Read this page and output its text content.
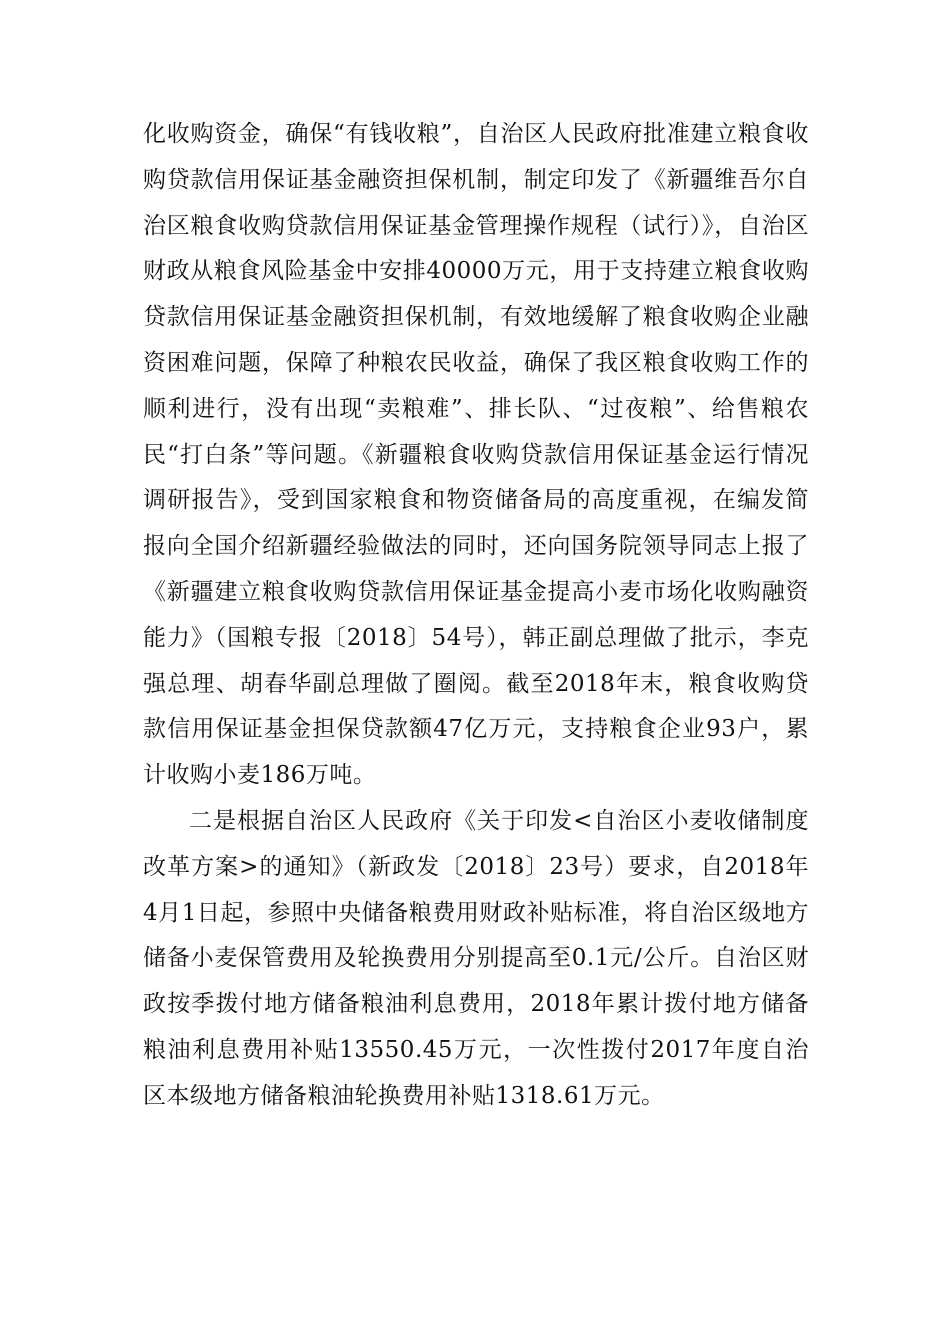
化收购资金，确保“有钱收粮”，自治区人民政府批准建立粮食收购贷款信用保证基金融资担保机制，制定印发了《新疆维吾尔自治区粮食收购贷款信用保证基金管理操作规程（试行）》，自治区财政从粮食风险基金中安排40000万元，用于支持建立粮食收购贷款信用保证基金融资担保机制，有效地缓解了粮食收购企业融资困难问题，保障了种粮农民收益，确保了我区粮食收购工作的顺利进行，没有出现“卖粮难”、排长队、“过夜粮”、给售粮农民“打白条”等问题。《新疆粮食收购贷款信用保证基金运行情况调研报告》，受到国家粮食和物资储备局的高度重视，在编发简报向全国介绍新疆经验做法的同时，还向国务院领导同志上报了《新疆建立粮食收购贷款信用保证基金提高小麦市场化收购融资能力》（国粮专报〔2018〕54号），韩正副总理做了批示，李克强总理、胡春华副总理做了圈阅。截至2018年末，粮食收购贷款信用保证基金担保贷款额47亿万元，支持粮食企业93户，累计收购小麦186万吨。

二是根据自治区人民政府《关于印发<自治区小麦收储制度改革方案>的通知》（新政发〔2018〕23号）要求，自2018年4月1日起，参照中央储备粮费用财政补贴标准，将自治区级地方储备小麦保管费用及轮换费用分别提高至0.1元/公斤。自治区财政按季拨付地方储备粮油利息费用，2018年累计拨付地方储备粮油利息费用补贴13550.45万元，一次性拨付2017年度自治区本级地方储备粮油轮换费用补贴1318.61万元。
